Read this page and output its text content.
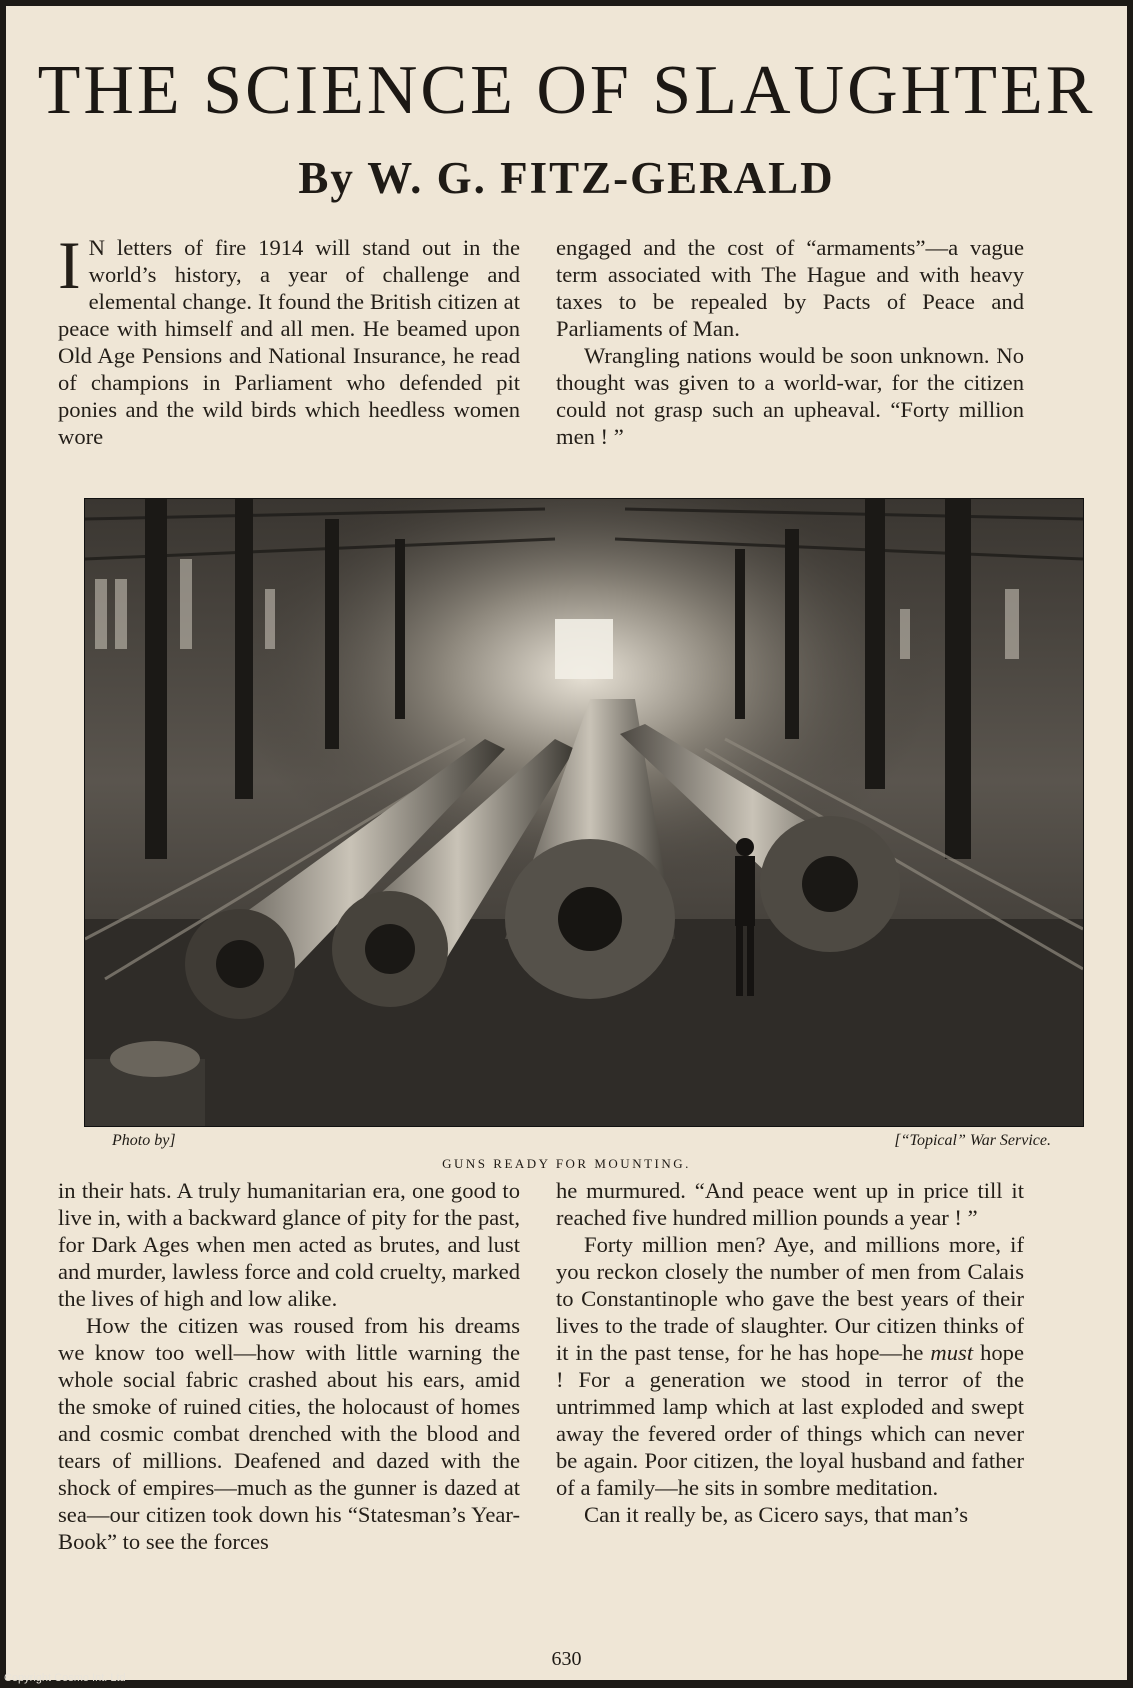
THE SCIENCE OF SLAUGHTER
By W. G. FITZ-GERALD

I N letters of fire 1914 will stand out in the world’s history, a year of challenge and elemental change. It found the British citizen at peace with himself and all men. He beamed upon Old Age Pensions and National Insurance, he read of champions in Parliament who defended pit ponies and the wild birds which heedless women wore

engaged and the cost of “armaments”—a vague term associated with The Hague and with heavy taxes to be repealed by Pacts of Peace and Parliaments of Man.

Wrangling nations would be soon unknown. No thought was given to a world-war, for the citizen could not grasp such an upheaval. “Forty million men ! ”

Photo by]	[“Topical” War Service.
GUNS READY FOR MOUNTING.

in their hats. A truly humanitarian era, one good to live in, with a backward glance of pity for the past, for Dark Ages when men acted as brutes, and lust and murder, lawless force and cold cruelty, marked the lives of high and low alike.

How the citizen was roused from his dreams we know too well—how with little warning the whole social fabric crashed about his ears, amid the smoke of ruined cities, the holocaust of homes and cosmic combat drenched with the blood and tears of millions. Deafened and dazed with the shock of empires—much as the gunner is dazed at sea—our citizen took down his “Statesman’s Year-Book” to see the forces

he murmured. “And peace went up in price till it reached five hundred million pounds a year ! ”

Forty million men? Aye, and millions more, if you reckon closely the number of men from Calais to Constantinople who gave the best years of their lives to the trade of slaughter. Our citizen thinks of it in the past tense, for he has hope—he must hope ! For a generation we stood in terror of the untrimmed lamp which at last exploded and swept away the fevered order of things which can never be again. Poor citizen, the loyal husband and father of a family—he sits in sombre meditation.

Can it really be, as Cicero says, that man’s

630
Copyright Cosmo Int. Ltd
